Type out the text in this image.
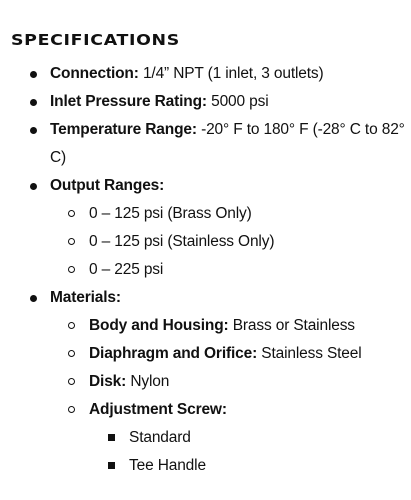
SPECIFICATIONS
Connection: 1/4” NPT (1 inlet, 3 outlets)
Inlet Pressure Rating: 5000 psi
Temperature Range: -20° F to 180° F (-28° C to 82°
C)
Output Ranges:
0 – 125 psi (Brass Only)
0 – 125 psi (Stainless Only)
0 – 225 psi
Materials:
Body and Housing: Brass or Stainless
Diaphragm and Orifice: Stainless Steel
Disk: Nylon
Adjustment Screw:
Standard
Tee Handle
